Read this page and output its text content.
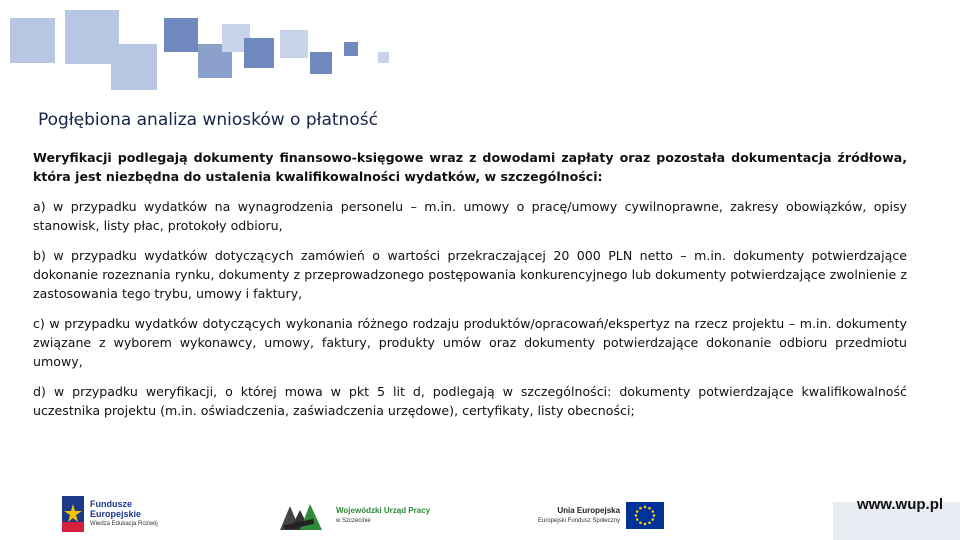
Pogłębiona analiza wniosków o płatność

Weryfikacji podlegają dokumenty finansowo-księgowe wraz z dowodami zapłaty oraz pozostała dokumentacja źródłowa, która jest niezbędna do ustalenia kwalifikowalności wydatków, w szczególności:

a) w przypadku wydatków na wynagrodzenia personelu – m.in. umowy o pracę/umowy cywilnoprawne, zakresy obowiązków, opisy stanowisk, listy płac, protokoły odbioru,

b) w przypadku wydatków dotyczących zamówień o wartości przekraczającej 20 000 PLN netto – m.in. dokumenty potwierdzające dokonanie rozeznania rynku, dokumenty z przeprowadzonego postępowania konkurencyjnego lub dokumenty potwierdzające zwolnienie z zastosowania tego trybu, umowy i faktury,

c) w przypadku wydatków dotyczących wykonania różnego rodzaju produktów/opracowań/ekspertyz na rzecz projektu – m.in. dokumenty związane z wyborem wykonawcy, umowy, faktury, produkty umów oraz dokumenty potwierdzające dokonanie odbioru przedmiotu umowy,

d) w przypadku weryfikacji, o której mowa w pkt 5 lit d, podlegają w szczególności: dokumenty potwierdzające kwalifikowalność uczestnika projektu (m.in. oświadczenia, zaświadczenia urzędowe), certyfikaty, listy obecności;

Fundusze
Europejskie
Wiedza Edukacja Rozwój
Wojewódzki Urząd Pracy
w Szczecinie
Unia Europejska
Europejski Fundusz Społeczny
www.wup.pl
